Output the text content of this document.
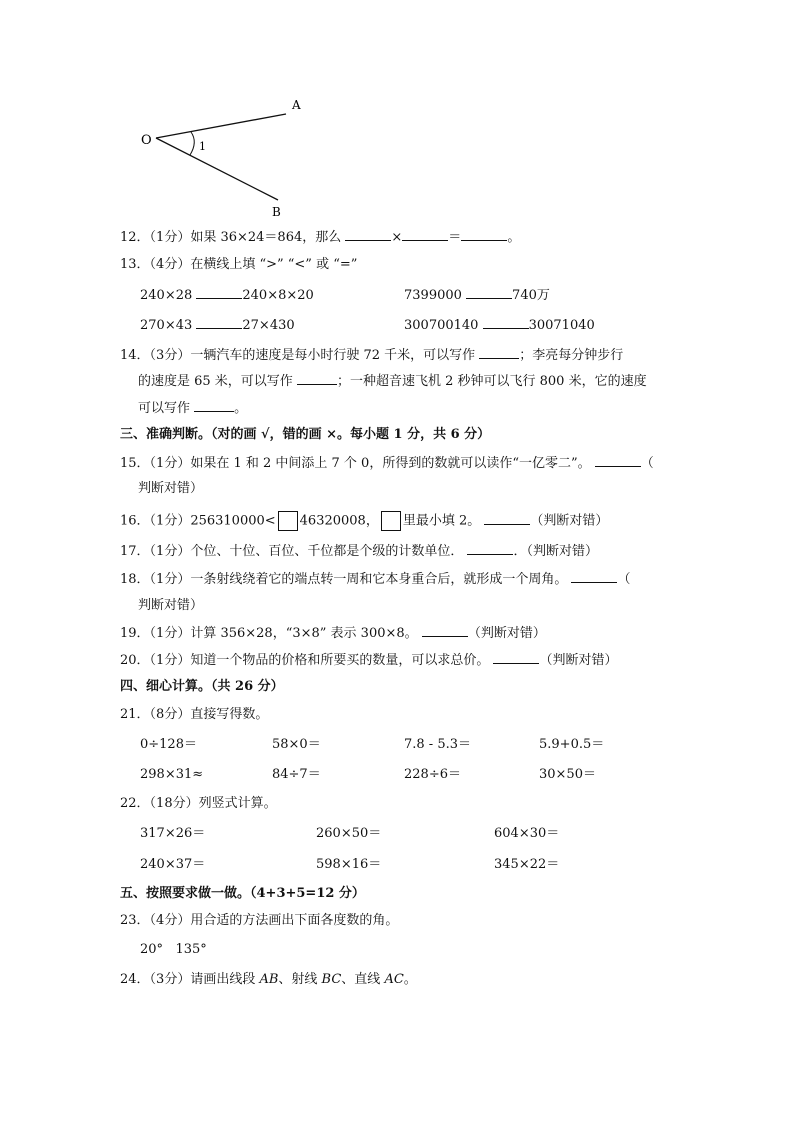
O
A
B
1
12．（1分）如果 36×24＝864，那么	×	＝	。
13．（4分）在横线上填 “>” “<” 或 “=”
240×28	240×8×20	7399000	740万
270×43	27×430	300700140	30071040
14．（3分）一辆汽车的速度是每小时行驶 72 千米，可以写作	；李亮每分钟步行
的速度是 65 米，可以写作	；一种超音速飞机 2 秒钟可以飞行 800 米，它的速度
可以写作	。
三、准确判断。（对的画 √，错的画 ×。每小题 1 分，共 6 分）
15．（1分）如果在 1 和 2 中间添上 7 个 0，所得到的数就可以读作“一亿零二”。	（
判断对错）
16．（1分）256310000< 46320008， 里最小填 2。	（判断对错）
17．（1分）个位、十位、百位、千位都是个级的计数单位．	．（判断对错）
18．（1分）一条射线绕着它的端点转一周和它本身重合后，就形成一个周角。	（
判断对错）
19．（1分）计算 356×28，“3×8” 表示 300×8。	（判断对错）
20．（1分）知道一个物品的价格和所要买的数量，可以求总价。	（判断对错）
四、细心计算。（共 26 分）
21．（8分）直接写得数。
0÷128＝	58×0＝	7.8 - 5.3＝	5.9+0.5＝
298×31≈	84÷7＝	228÷6＝	30×50＝
22．（18分）列竖式计算。
317×26＝	260×50＝	604×30＝
240×37＝	598×16＝	345×22＝
五、按照要求做一做。（4+3+5=12 分）
23．（4分）用合适的方法画出下面各度数的角。
20°   135°
24．（3分）请画出线段 AB、射线 BC、直线 AC。
